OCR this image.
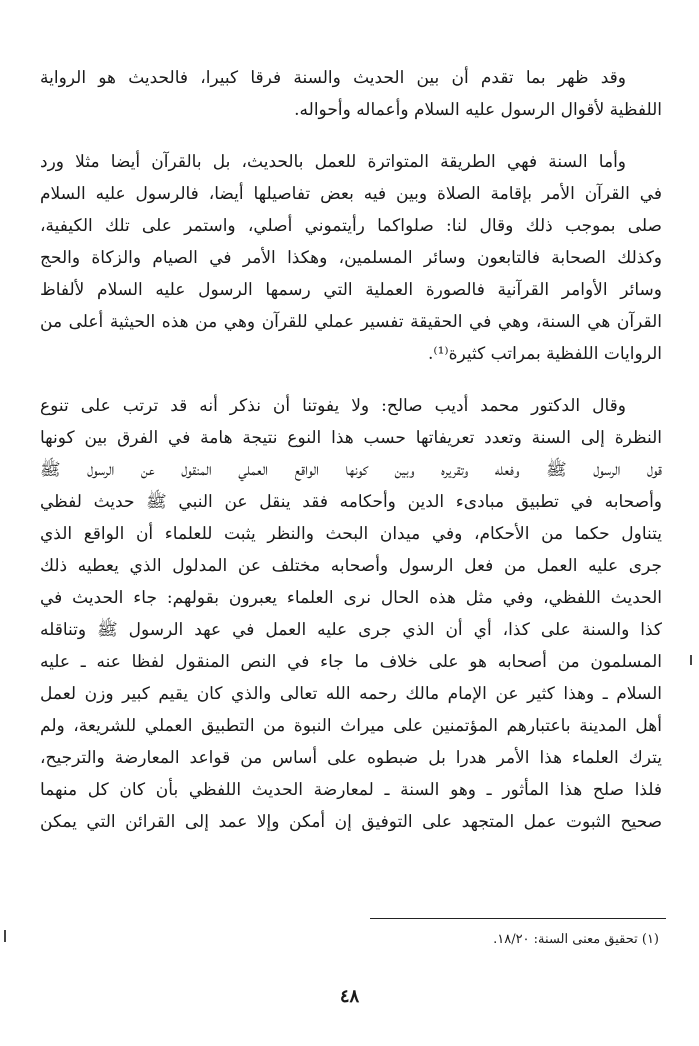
وقد ظهر بما تقدم أن بين الحديث والسنة فرقا كبيرا، فالحديث هو الرواية
اللفظية لأقوال الرسول عليه السلام وأعماله وأحواله.
وأما السنة فهي الطريقة المتواترة للعمل بالحديث، بل بالقرآن أيضا مثلا ورد
في القرآن الأمر بإقامة الصلاة وبين فيه بعض تفاصيلها أيضا، فالرسول عليه السلام
صلى بموجب ذلك وقال لنا: صلواكما رأيتموني أصلي، واستمر على تلك الكيفية،
وكذلك الصحابة فالتابعون وسائر المسلمين، وهكذا الأمر في الصيام والزكاة والحج
وسائر الأوامر القرآنية فالصورة العملية التي رسمها الرسول عليه السلام لألفاظ
القرآن هي السنة، وهي في الحقيقة تفسير عملي للقرآن وهي من هذه الحيثية أعلى من
الروايات اللفظية بمراتب كثيرة⁽¹⁾.
وقال الدكتور محمد أديب صالح: ولا يفوتنا أن نذكر أنه قد ترتب على تنوع
النظرة إلى السنة وتعدد تعريفاتها حسب هذا النوع نتيجة هامة في الفرق بين كونها
قول الرسول ﷺ وفعله وتقريره وبين كونها الواقع العملي المنقول عن الرسول ﷺ
وأصحابه في تطبيق مبادىء الدين وأحكامه فقد ينقل عن النبي ﷺ حديث لفظي
يتناول حكما من الأحكام، وفي ميدان البحث والنظر يثبت للعلماء أن الواقع الذي
جرى عليه العمل من فعل الرسول وأصحابه مختلف عن المدلول الذي يعطيه ذلك
الحديث اللفظي، وفي مثل هذه الحال نرى العلماء يعبرون بقولهم: جاء الحديث في
كذا والسنة على كذا، أي أن الذي جرى عليه العمل في عهد الرسول ﷺ وتناقله
المسلمون من أصحابه هو على خلاف ما جاء في النص المنقول لفظا عنه ـ عليه
السلام ـ وهذا كثير عن الإمام مالك رحمه الله تعالى والذي كان يقيم كبير وزن لعمل
أهل المدينة باعتبارهم المؤتمنين على ميراث النبوة من التطبيق العملي للشريعة، ولم
يترك العلماء هذا الأمر هدرا بل ضبطوه على أساس من قواعد المعارضة والترجيح،
فلذا صلح هذا المأثور ـ وهو السنة ـ لمعارضة الحديث اللفظي بأن كان كل منهما
صحيح الثبوت عمل المتجهد على التوفيق إن أمكن وإلا عمد إلى القرائن التي يمكن
(١) تحقيق معنى السنة: ١٨/٢٠.
٤٨
